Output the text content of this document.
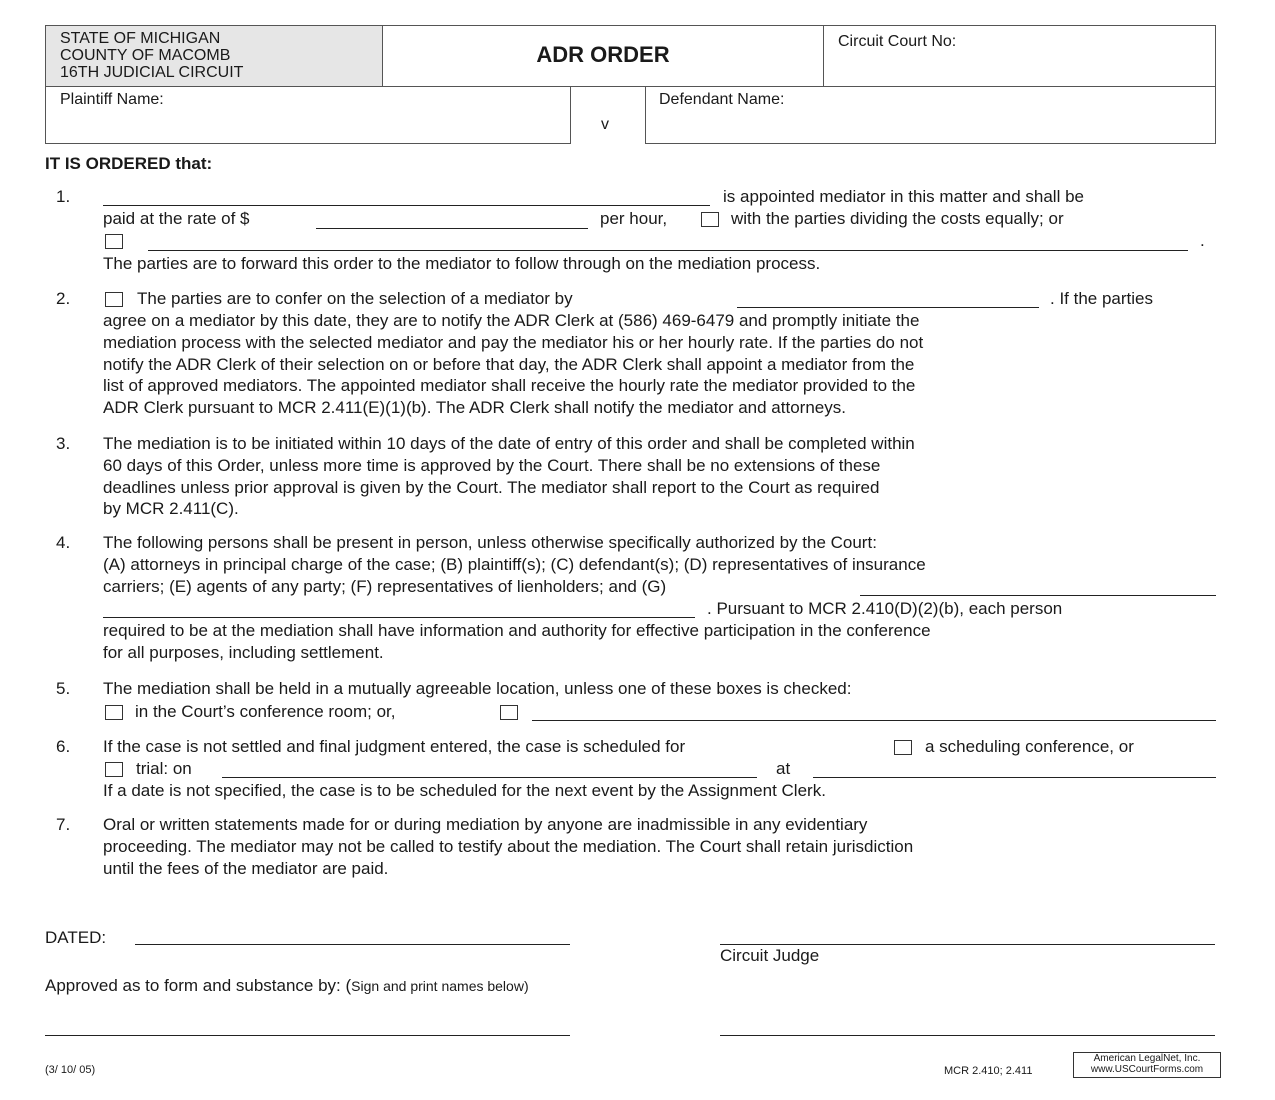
STATE OF MICHIGAN
COUNTY OF MACOMB
16TH JUDICIAL CIRCUIT
ADR ORDER
Circuit Court No:
Plaintiff Name:
v
Defendant Name:
IT IS ORDERED that:
1.	is appointed mediator in this matter and shall be
paid at the rate of $	per hour,	with the parties dividing the costs equally; or
.
The parties are to forward this order to the mediator to follow through on the mediation process.
2.	The parties are to confer on the selection of a mediator by	. If the parties
agree on a mediator by this date, they are to notify the ADR Clerk at (586) 469-6479 and promptly initiate the
mediation process with the selected mediator and pay the mediator his or her hourly rate. If the parties do not
notify the ADR Clerk of their selection on or before that day, the ADR Clerk shall appoint a mediator from the
list of approved mediators. The appointed mediator shall receive the hourly rate the mediator provided to the
ADR Clerk pursuant to MCR 2.411(E)(1)(b). The ADR Clerk shall notify the mediator and attorneys.
3. The mediation is to be initiated within 10 days of the date of entry of this order and shall be completed within
60 days of this Order, unless more time is approved by the Court. There shall be no extensions of these
deadlines unless prior approval is given by the Court. The mediator shall report to the Court as required
by MCR 2.411(C).
4. The following persons shall be present in person, unless otherwise specifically authorized by the Court:
(A) attorneys in principal charge of the case; (B) plaintiff(s); (C) defendant(s); (D) representatives of insurance
carriers; (E) agents of any party; (F) representatives of lienholders; and (G)
. Pursuant to MCR 2.410(D)(2)(b), each person
required to be at the mediation shall have information and authority for effective participation in the conference
for all purposes, including settlement.
5. The mediation shall be held in a mutually agreeable location, unless one of these boxes is checked:
in the Court’s conference room; or,
6. If the case is not settled and final judgment entered, the case is scheduled for	a scheduling conference, or
trial: on	at
If a date is not specified, the case is to be scheduled for the next event by the Assignment Clerk.
7. Oral or written statements made for or during mediation by anyone are inadmissible in any evidentiary
proceeding. The mediator may not be called to testify about the mediation. The Court shall retain jurisdiction
until the fees of the mediator are paid.
DATED:
Circuit Judge
Approved as to form and substance by: (Sign and print names below)
(3/ 10/ 05)	MCR 2.410; 2.411
American LegalNet, Inc.
www.USCourtForms.com
